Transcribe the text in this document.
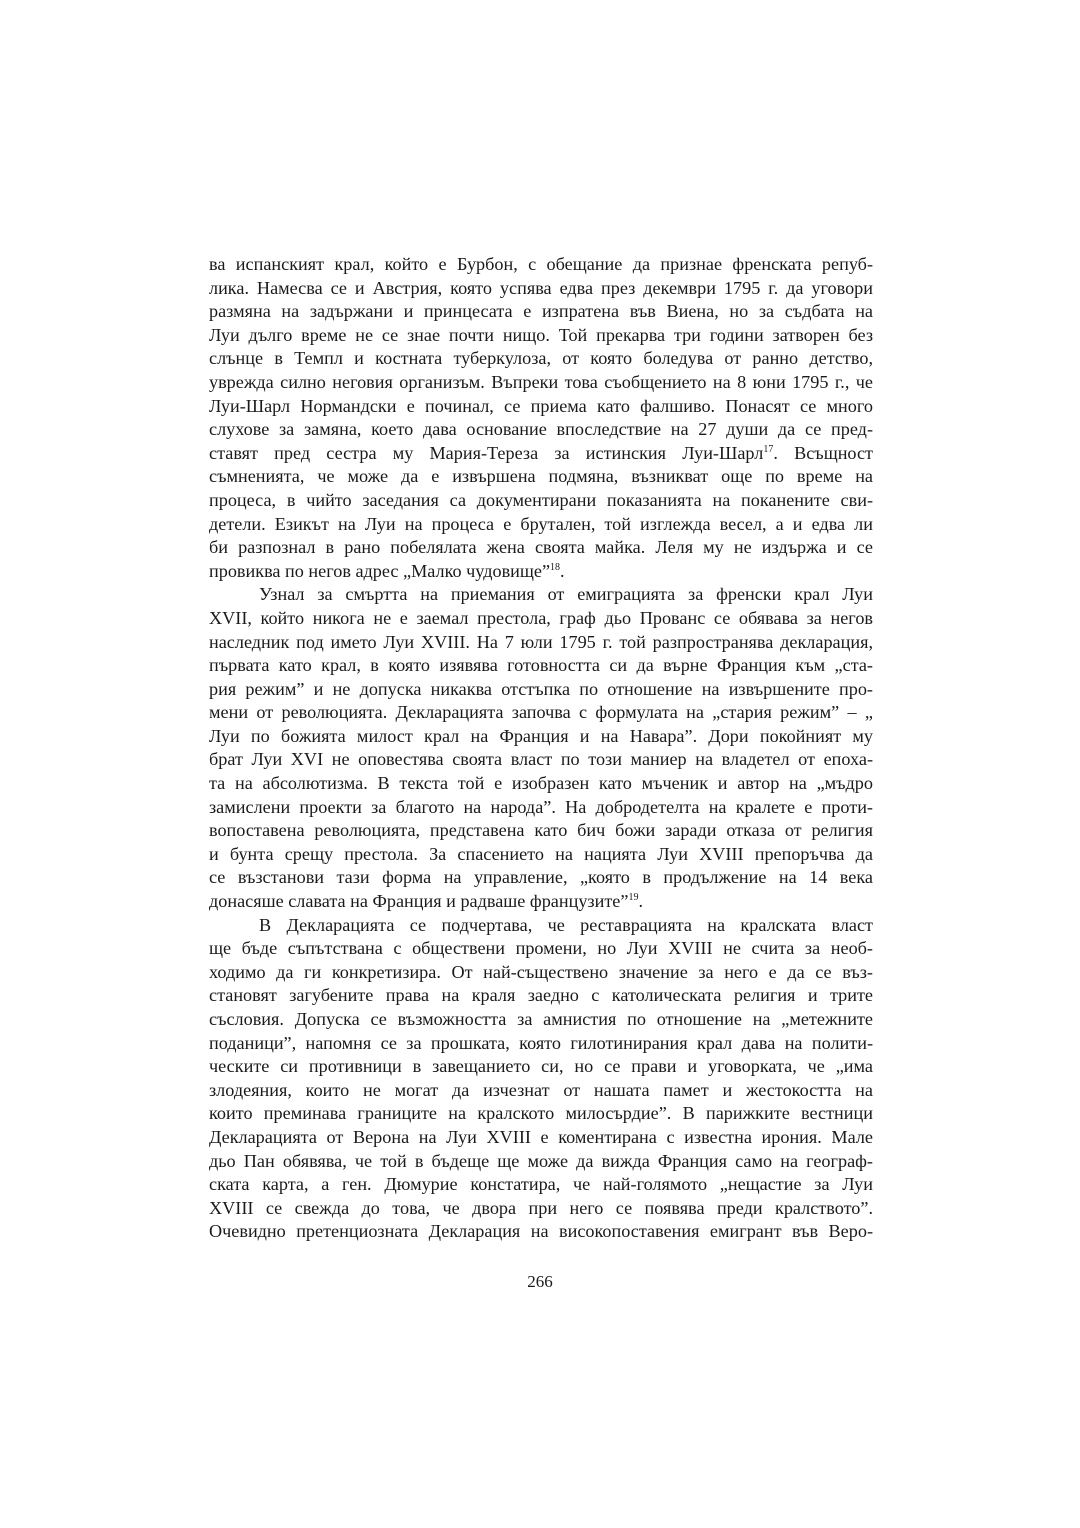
ва испанският крал, който е Бурбон, с обещание да признае френската репуб-
лика. Намесва се и Австрия, която успява едва през декември 1795 г. да уговори
размяна на задържани и принцесата е изпратена във Виена, но за съдбата на
Луи дълго време не се знае почти нищо. Той прекарва три години затворен без
слънце в Темпл и костната туберкулоза, от която боледува от ранно детство,
уврежда силно неговия организъм. Въпреки това съобщението на 8 юни 1795 г., че
Луи-Шарл Нормандски е починал, се приема като фалшиво. Понасят се много
слухове за замяна, което дава основание впоследствие на 27 души да се пред-
ставят пред сестра му Мария-Тереза за истинския Луи-Шарл$^{17}$. Всъщност
съмненията, че може да е извършена подмяна, възникват още по време на
процеса, в чийто заседания са документирани показанията на поканените сви-
детели. Езикът на Луи на процеса е брутален, той изглежда весел, а и едва ли
би разпознал в рано побелялата жена своята майка. Леля му не издържа и се
провиква по негов адрес „Малко чудовище”$^{18}$.
Узнал за смъртта на приемания от емиграцията за френски крал Луи
XVII, който никога не е заемал престола, граф дьо Прованс се обявава за негов
наследник под името Луи XVIII. На 7 юли 1795 г. той разпространява декларация,
първата като крал, в която изявява готовността си да върне Франция към „ста-
рия режим” и не допуска никаква отстъпка по отношение на извършените про-
мени от революцията. Декларацията започва с формулата на „стария режим” – „
Луи по божията милост крал на Франция и на Навара”. Дори покойният му
брат Луи XVI не оповестява своята власт по този маниер на владетел от епоха-
та на абсолютизма. В текста той е изобразен като мъченик и автор на „мъдро
замислени проекти за благото на народа”. На добродетелта на кралете е проти-
вопоставена революцията, представена като бич божи заради отказа от религия
и бунта срещу престола. За спасението на нацията Луи XVIII препоръчва да
се възстанови тази форма на управление, „която в продължение на 14 века
донасяше славата на Франция и радваше французите”$^{19}$.
В Декларацията се подчертава, че реставрацията на кралската власт
ще бъде съпътствана с обществени промени, но Луи XVIII не счита за необ-
ходимо да ги конкретизира. От най-съществено значение за него е да се въз-
становят загубените права на краля заедно с католическата религия и трите
съсловия. Допуска се възможността за амнистия по отношение на „метежните
поданици”, напомня се за прошката, която гилотинирания крал дава на полити-
ческите си противници в завещанието си, но се прави и уговорката, че „има
злодеяния, които не могат да изчезнат от нашата памет и жестокостта на
които преминава границите на кралското милосърдие”. В парижките вестници
Декларацията от Верона на Луи XVIII е коментирана с известна ирония. Мале
дьо Пан обявява, че той в бъдеще ще може да вижда Франция само на географ-
ската карта, а ген. Дюмурие констатира, че най-голямото „нещастие за Луи
XVIII се свежда до това, че двора при него се появява преди кралството”.
Очевидно претенциозната Декларация на високопоставения емигрант във Веро-
266
